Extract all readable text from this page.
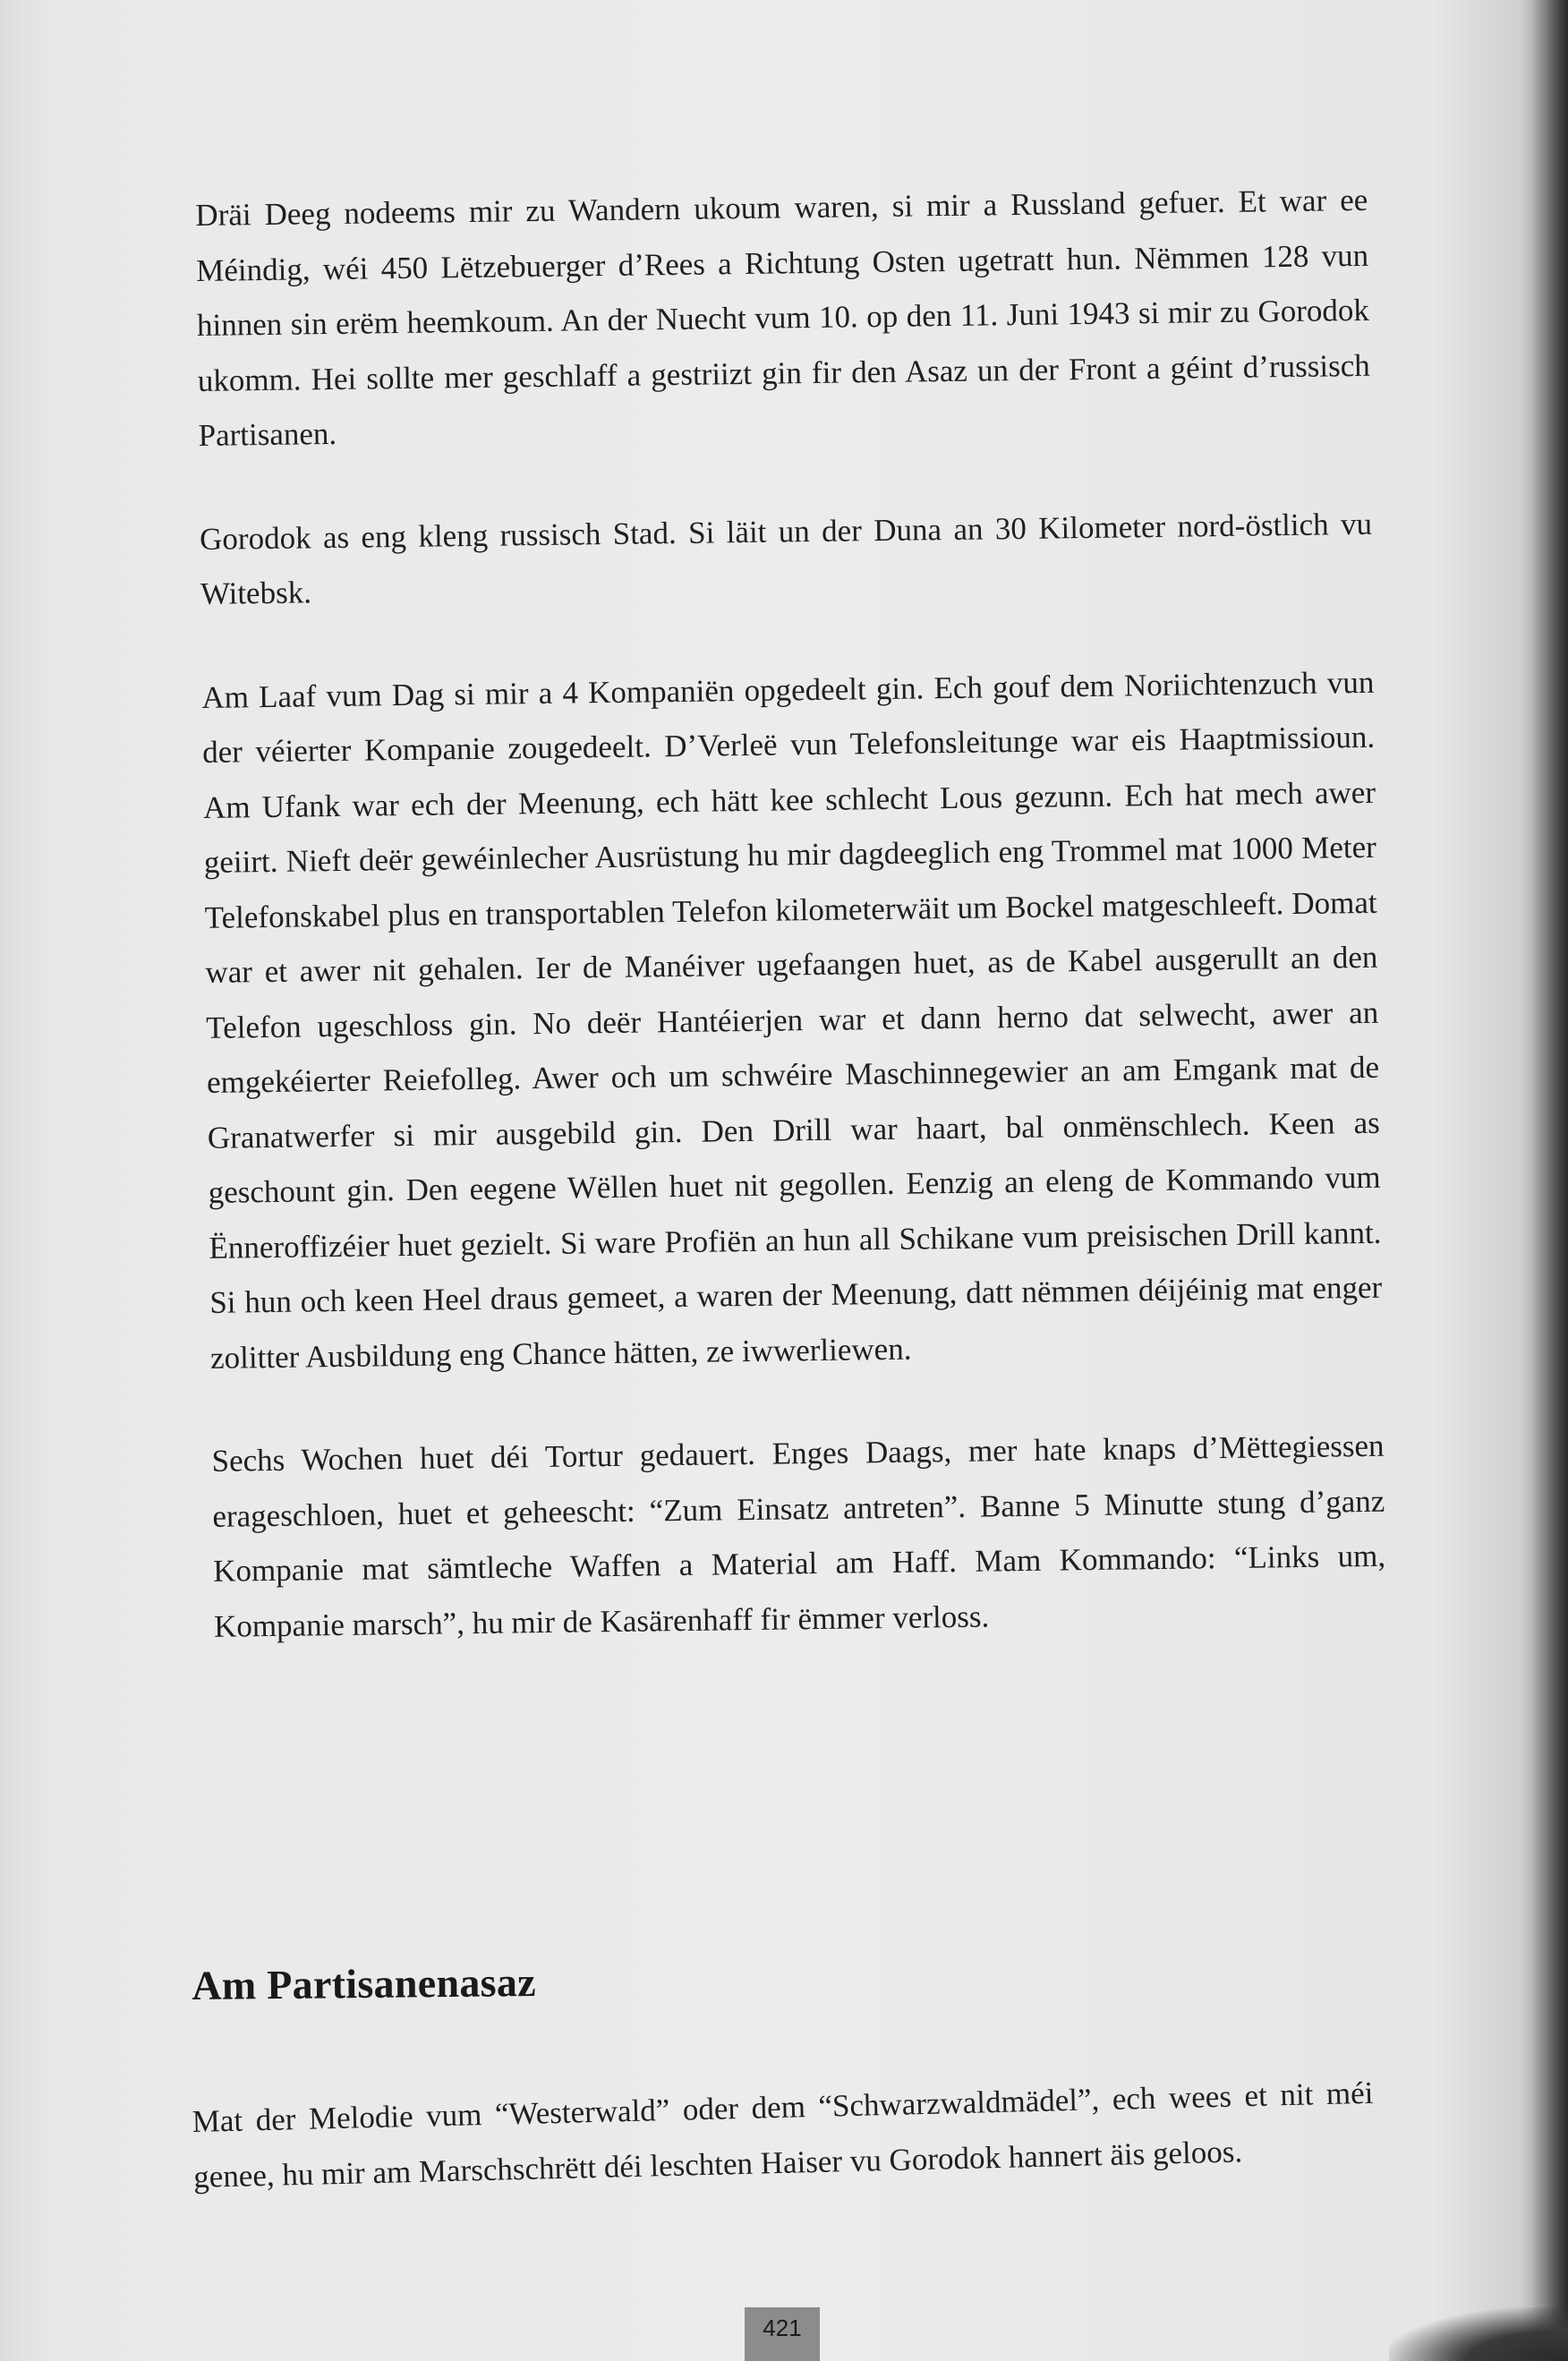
Dräi Deeg nodeems mir zu Wandern ukoum waren, si mir a Russland gefuer. Et war ee Méindig, wéi 450 Lëtzebuerger d’Rees a Richtung Osten ugetratt hun. Nëmmen 128 vun hinnen sin erëm heemkoum. An der Nuecht vum 10. op den 11. Juni 1943 si mir zu Gorodok ukomm. Hei sollte mer geschlaff a gestriizt gin fir den Asaz un der Front a géint d’russisch Partisanen.

Gorodok as eng kleng russisch Stad. Si läit un der Duna an 30 Kilometer nord-östlich vu Witebsk.

Am Laaf vum Dag si mir a 4 Kompaniën opgedeelt gin. Ech gouf dem Noriichtenzuch vun der véierter Kompanie zougedeelt. D’Verleë vun Telefonsleitunge war eis Haaptmissioun. Am Ufank war ech der Meenung, ech hätt kee schlecht Lous gezunn. Ech hat mech awer geiirt. Nieft deër gewéinlecher Ausrüstung hu mir dagdeeglich eng Trommel mat 1000 Meter Telefonskabel plus en transportablen Telefon kilometerwäit um Bockel matgeschleeft. Domat war et awer nit gehalen. Ier de Manéiver ugefaangen huet, as de Kabel ausgerullt an den Telefon ugeschloss gin. No deër Hantéierjen war et dann herno dat selwecht, awer an emgekéierter Reiefolleg. Awer och um schwéire Maschinnegewier an am Emgank mat de Granatwerfer si mir ausgebild gin. Den Drill war haart, bal onmënschlech. Keen as geschount gin. Den eegene Wëllen huet nit gegollen. Eenzig an eleng de Kommando vum Ënneroffizéier huet gezielt. Si ware Profiën an hun all Schikane vum preisischen Drill kannt. Si hun och keen Heel draus gemeet, a waren der Meenung, datt nëmmen déijéinig mat enger zolitter Ausbildung eng Chance hätten, ze iwwerliewen.

Sechs Wochen huet déi Tortur gedauert. Enges Daags, mer hate knaps d’Mëttegiessen erageschloen, huet et geheescht: “Zum Einsatz antreten”. Banne 5 Minutte stung d’ganz Kompanie mat sämtleche Waffen a Material am Haff. Mam Kommando: “Links um, Kompanie marsch”, hu mir de Kasärenhaff fir ëmmer verloss.

Am Partisanenasaz

Mat der Melodie vum “Westerwald” oder dem “Schwarzwaldmädel”, ech wees et nit méi genee, hu mir am Marschschrëtt déi leschten Haiser vu Gorodok hannert äis geloos.

421
